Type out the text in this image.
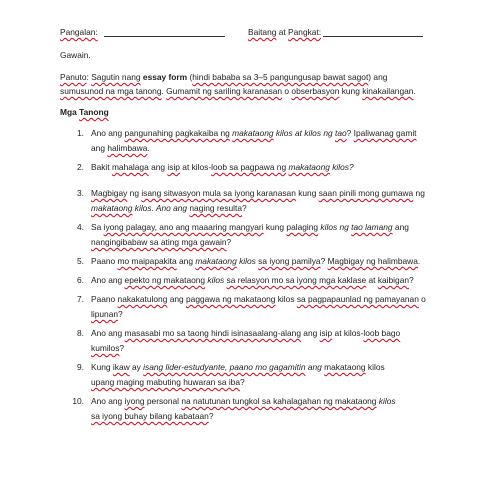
Pangalan:	Baitang at Pangkat:
Gawain.
Panuto: Sagutin nang essay form (hindi bababa sa 3–5 pangungusap bawat sagot) ang
sumusunod na mga tanong. Gumamit ng sariling karanasan o obserbasyon kung kinakailangan.
Mga Tanong
1. Ano ang pangunahing pagkakaiba ng makataong kilos at kilos ng tao? Ipaliwanag gamit
ang halimbawa.
2. Bakit mahalaga ang isip at kilos-loob sa pagpawa ng makataong kilos?
3. Magbigay ng isang sitwasyon mula sa iyong karanasan kung saan pinili mong gumawa ng
makataong kilos. Ano ang naging resulta?
4. Sa iyong palagay, ano ang maaaring mangyari kung palaging kilos ng tao lamang ang
nangingibabaw sa ating mga gawain?
5. Paano mo maipapakita ang makataong kilos sa iyong pamilya? Magbigay ng halimbawa.
6. Ano ang epekto ng makataong kilos sa relasyon mo sa iyong mga kaklase at kaibigan?
7. Paano nakakatulong ang paggawa ng makataong kilos sa pagpapaunlad ng pamayanan o lipunan?
8. Ano ang masasabi mo sa taong hindi isinasaalang-alang ang isip at kilos-loob bago
kumilos?
9. Kung ikaw ay isang lider-estudyante, paano mo gagamitin ang makataong kilos
upang maging mabuting huwaran sa iba?
10. Ano ang iyong personal na natutunan tungkol sa kahalagahan ng makataong kilos
sa iyong buhay bilang kabataan?
